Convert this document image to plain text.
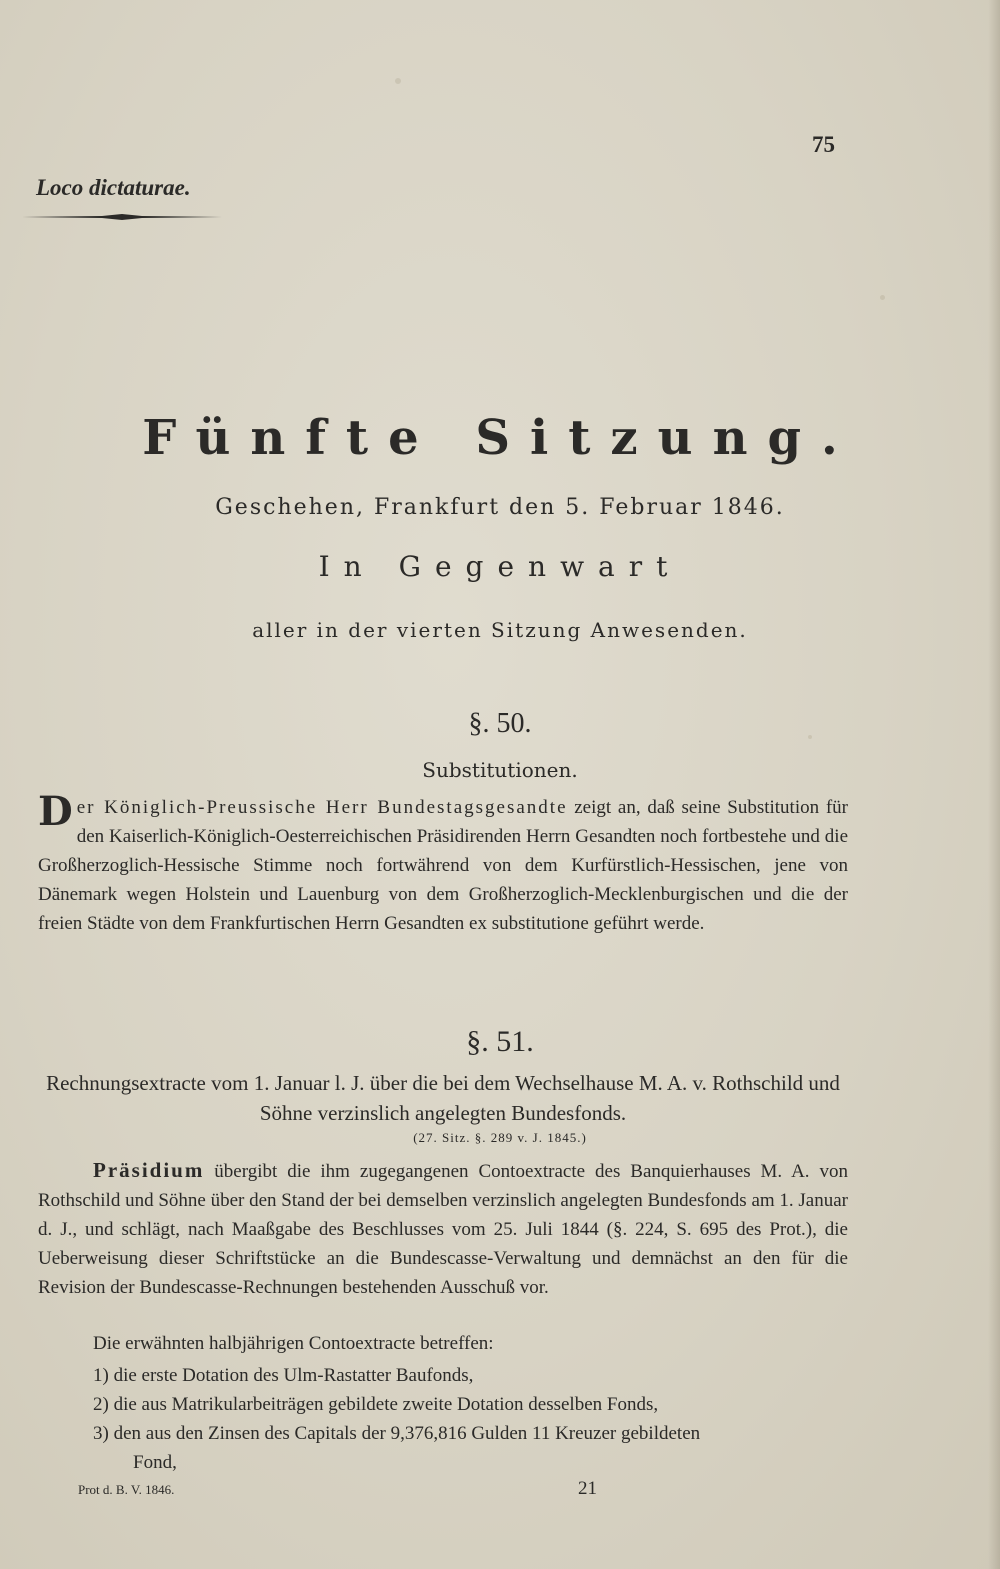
75
Loco dictaturae.
Fünfte Sitzung.
Geschehen, Frankfurt den 5. Februar 1846.
In Gegenwart
aller in der vierten Sitzung Anwesenden.
§. 50.
Substitutionen.
Der Königlich-Preussische Herr Bundestagsgesandte zeigt an, daß seine Substitution für den Kaiserlich-Königlich-Oesterreichischen Präsidirenden Herrn Gesandten noch fortbestehe und die Großherzoglich-Hessische Stimme noch fortwährend von dem Kurfürstlich-Hessischen, jene von Dänemark wegen Holstein und Lauenburg von dem Großherzoglich-Mecklenburgischen und die der freien Städte von dem Frankfurtischen Herrn Gesandten ex substitutione geführt werde.
§. 51.
Rechnungsextracte vom 1. Januar l. J. über die bei dem Wechselhause M. A. v. Rothschild und Söhne verzinslich angelegten Bundesfonds.
(27. Sitz. §. 289 v. J. 1845.)
Präsidium übergibt die ihm zugegangenen Contoextracte des Banquierhauses M. A. von Rothschild und Söhne über den Stand der bei demselben verzinslich angelegten Bundesfonds am 1. Januar d. J., und schlägt, nach Maaßgabe des Beschlusses vom 25. Juli 1844 (§. 224, S. 695 des Prot.), die Ueberweisung dieser Schriftstücke an die Bundescasse-Verwaltung und demnächst an den für die Revision der Bundescasse-Rechnungen bestehenden Ausschuß vor.
Die erwähnten halbjährigen Contoextracte betreffen:
1) die erste Dotation des Ulm-Rastatter Baufonds,
2) die aus Matrikularbeiträgen gebildete zweite Dotation desselben Fonds,
3) den aus den Zinsen des Capitals der 9,376,816 Gulden 11 Kreuzer gebildeten
Fond,
Prot d. B. V. 1846.	21
